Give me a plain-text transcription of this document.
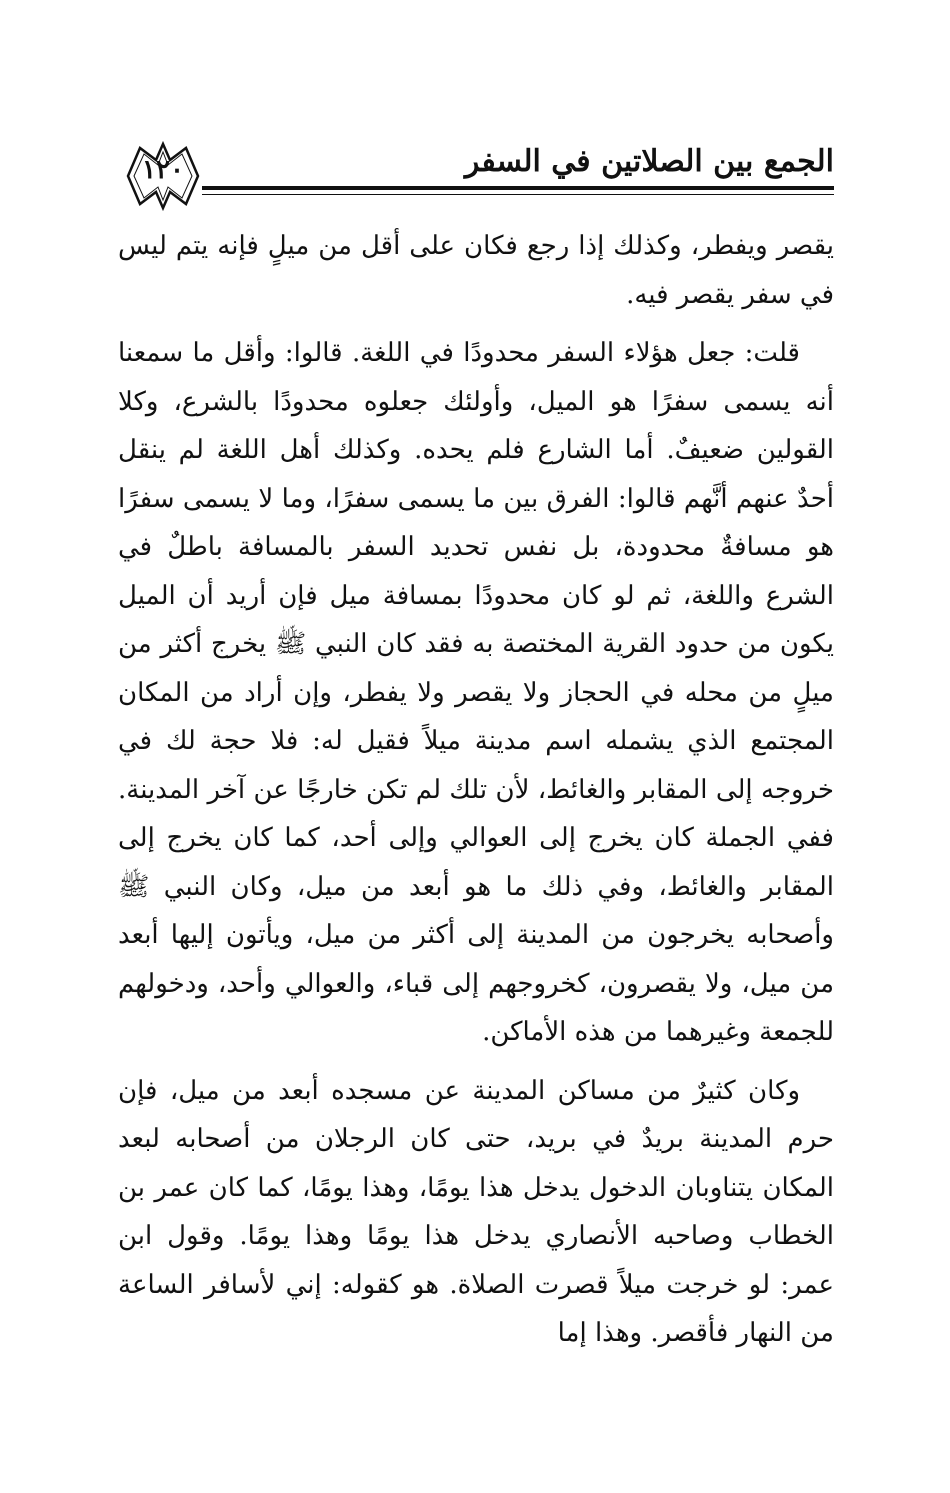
الجمع بين الصلاتين في السفر
١٢٠

يقصر ويفطر، وكذلك إذا رجع فكان على أقل من ميلٍ فإنه يتم ليس في سفر يقصر فيه.

قلت: جعل هؤلاء السفر محدودًا في اللغة. قالوا: وأقل ما سمعنا أنه يسمى سفرًا هو الميل، وأولئك جعلوه محدودًا بالشرع، وكلا القولين ضعيفٌ. أما الشارع فلم يحده. وكذلك أهل اللغة لم ينقل أحدٌ عنهم أنَّهم قالوا: الفرق بين ما يسمى سفرًا، وما لا يسمى سفرًا هو مسافةٌ محدودة، بل نفس تحديد السفر بالمسافة باطلٌ في الشرع واللغة، ثم لو كان محدودًا بمسافة ميل فإن أريد أن الميل يكون من حدود القرية المختصة به فقد كان النبي ﷺ يخرج أكثر من ميلٍ من محله في الحجاز ولا يقصر ولا يفطر، وإن أراد من المكان المجتمع الذي يشمله اسم مدينة ميلاً فقيل له: فلا حجة لك في خروجه إلى المقابر والغائط، لأن تلك لم تكن خارجًا عن آخر المدينة. ففي الجملة كان يخرج إلى العوالي وإلى أحد، كما كان يخرج إلى المقابر والغائط، وفي ذلك ما هو أبعد من ميل، وكان النبي ﷺ وأصحابه يخرجون من المدينة إلى أكثر من ميل، ويأتون إليها أبعد من ميل، ولا يقصرون، كخروجهم إلى قباء، والعوالي وأحد، ودخولهم للجمعة وغيرهما من هذه الأماكن.

وكان كثيرٌ من مساكن المدينة عن مسجده أبعد من ميل، فإن حرم المدينة بريدٌ في بريد، حتى كان الرجلان من أصحابه لبعد المكان يتناوبان الدخول يدخل هذا يومًا، وهذا يومًا، كما كان عمر بن الخطاب وصاحبه الأنصاري يدخل هذا يومًا وهذا يومًا. وقول ابن عمر: لو خرجت ميلاً قصرت الصلاة. هو كقوله: إني لأسافر الساعة من النهار فأقصر. وهذا إما
